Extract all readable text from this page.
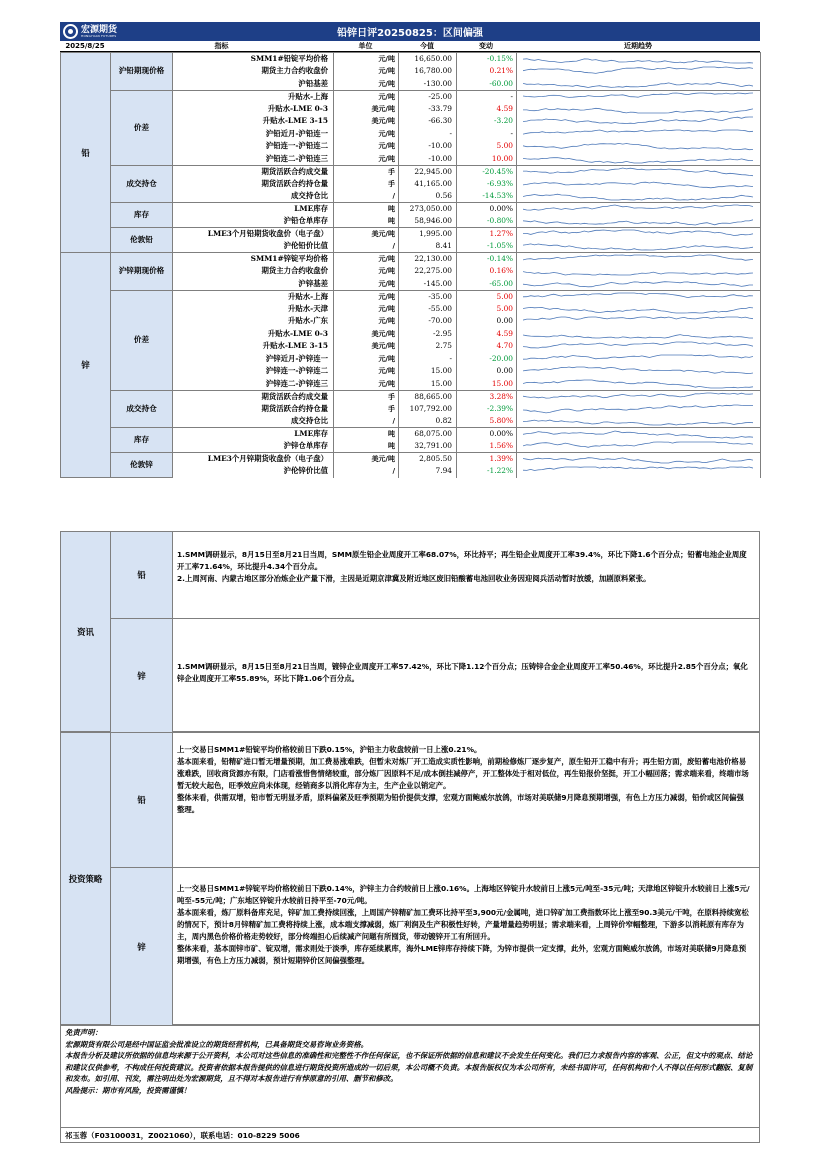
宏源期货
HONGYUAN FUTURES	铅锌日评20250825：区间偏强
2025/8/25	指标	单位	今值	变动	近期趋势
铅	沪铅期现价格	SMM1#铅锭平均价格	元/吨	16,650.00	-0.15%	

		期货主力合约收盘价	元/吨	16,780.00	0.21%	

		沪铅基差	元/吨	-130.00	-60.00	

	价差	升贴水-上海	元/吨	-25.00	-	

		升贴水-LME 0-3	美元/吨	-33.79	4.59	

		升贴水-LME 3-15	美元/吨	-66.30	-3.20	

		沪铅近月-沪铅连一	元/吨	-	-	

		沪铅连一-沪铅连二	元/吨	-10.00	5.00	

		沪铅连二-沪铅连三	元/吨	-10.00	10.00	

	成交持仓	期货活跃合约成交量	手	22,945.00	-20.45%	

		期货活跃合约持仓量	手	41,165.00	-6.93%	

		成交持仓比	/	0.56	-14.53%	

	库存	LME库存	吨	273,050.00	0.00%	

		沪铅仓单库存	吨	58,946.00	-0.80%	

	伦敦铅	LME3个月铅期货收盘价（电子盘）	美元/吨	1,995.00	1.27%	

		沪伦铅价比值	/	8.41	-1.05%	

锌	沪锌期现价格	SMM1#锌锭平均价格	元/吨	22,130.00	-0.14%	

		期货主力合约收盘价	元/吨	22,275.00	0.16%	

		沪锌基差	元/吨	-145.00	-65.00	

	价差	升贴水-上海	元/吨	-35.00	5.00	

		升贴水-天津	元/吨	-55.00	5.00	

		升贴水-广东	元/吨	-70.00	0.00	

		升贴水-LME 0-3	美元/吨	-2.95	4.59	

		升贴水-LME 3-15	美元/吨	2.75	4.70	

		沪锌近月-沪锌连一	元/吨	-	-20.00	

		沪锌连一-沪锌连二	元/吨	15.00	0.00	

		沪锌连二-沪锌连三	元/吨	15.00	15.00	

	成交持仓	期货活跃合约成交量	手	88,665.00	3.28%	

		期货活跃合约持仓量	手	107,792.00	-2.39%	

		成交持仓比	/	0.82	5.80%	

	库存	LME库存	吨	68,075.00	0.00%	

		沪锌仓单库存	吨	32,791.00	1.56%	

	伦敦锌	LME3个月锌期货收盘价（电子盘）	美元/吨	2,805.50	1.39%	

		沪伦锌价比值	/	7.94	-1.22%	
资讯
铅

1.SMM调研显示，8月15日至8月21日当周，SMM原生铅企业周度开工率68.07%，环比持平；再生铅企业周度开工率39.4%，环比下降1.6个百分点；铅蓄电池企业周度开工率71.64%，环比提升4.34个百分点。

2.上周河南、内蒙古地区部分冶炼企业产量下滑，主因是近期京津冀及附近地区废旧铅酸蓄电池回收业务因迎阅兵活动暂时放缓，加剧原料紧张。

锌

1.SMM调研显示，8月15日至8月21日当周，镀锌企业周度开工率57.42%，环比下降1.12个百分点；压铸锌合金企业周度开工率50.46%，环比提升2.85个百分点；氧化锌企业周度开工率55.89%，环比下降1.06个百分点。

投资策略
铅

上一交易日SMM1#铅锭平均价格较前日下跌0.15%，沪铅主力收盘较前一日上涨0.21%。

基本面来看，铅精矿进口暂无增量预期，加工费易涨难跌，但暂未对炼厂开工造成实质性影响，前期检修炼厂逐步复产，原生铅开工稳中有升；再生铅方面，废铅蓄电池价格易涨难跌，回收商货源亦有限，门店看涨惜售情绪较重，部分炼厂因原料不足/成本倒挂减停产，开工整体处于相对低位，再生铅报价坚挺，开工小幅回落；需求端来看，终端市场暂无较大起色，旺季效应尚未体现，经销商多以消化库存为主，生产企业以销定产。

整体来看，供需双增，铅市暂无明显矛盾，原料偏紧及旺季预期为铅价提供支撑，宏观方面鲍威尔放鸽，市场对美联储9月降息预期增强，有色上方压力减弱，铅价或区间偏强整理。

锌

上一交易日SMM1#锌锭平均价格较前日下跌0.14%，沪锌主力合约较前日上涨0.16%。上海地区锌锭升水较前日上涨5元/吨至-35元/吨；天津地区锌锭升水较前日上涨5元/吨至-55元/吨；广东地区锌锭升水较前日持平至-70元/吨。

基本面来看，炼厂原料备库充足，锌矿加工费持续回涨，上周国产锌精矿加工费环比持平至3,900元/金属吨，进口锌矿加工费指数环比上涨至90.3美元/干吨，在原料持续宽松的情况下，预计8月锌精矿加工费将持续上涨，成本端支撑减弱，炼厂利润及生产积极性好转，产量增量趋势明显；需求端来看，上周锌价窄幅整理，下游多以消耗原有库存为主，周内黑色价格价格走势较好，部分终端担心后续减产问题有所囤货，带动镀锌开工有所回升。

整体来看，基本面锌市矿、锭双增，需求则处于淡季，库存延续累库，海外LME锌库存持续下降，为锌市提供一定支撑，此外，宏观方面鲍威尔放鸽，市场对美联储9月降息预期增强，有色上方压力减弱，预计短期锌价区间偏强整理。

免责声明：
宏源期货有限公司是经中国证监会批准设立的期货经营机构，已具备期货交易咨询业务资格。
本报告分析及建议所依据的信息均来源于公开资料，本公司对这些信息的准确性和完整性不作任何保证，也不保证所依据的信息和建议不会发生任何变化。我们已力求报告内容的客观、公正，但文中的观点、结论和建议仅供参考，不构成任何投资建议。投资者依据本报告提供的信息进行期货投资所造成的一切后果，本公司概不负责。本报告版权仅为本公司所有，未经书面许可，任何机构和个人不得以任何形式翻版、复制和发布。如引用、刊发，需注明出处为宏源期货，且不得对本报告进行有悖原意的引用、删节和修改。
风险提示：期市有风险，投资需谨慎！
祁玉蓉（F03100031，Z0021060），联系电话：010-8229 5006
